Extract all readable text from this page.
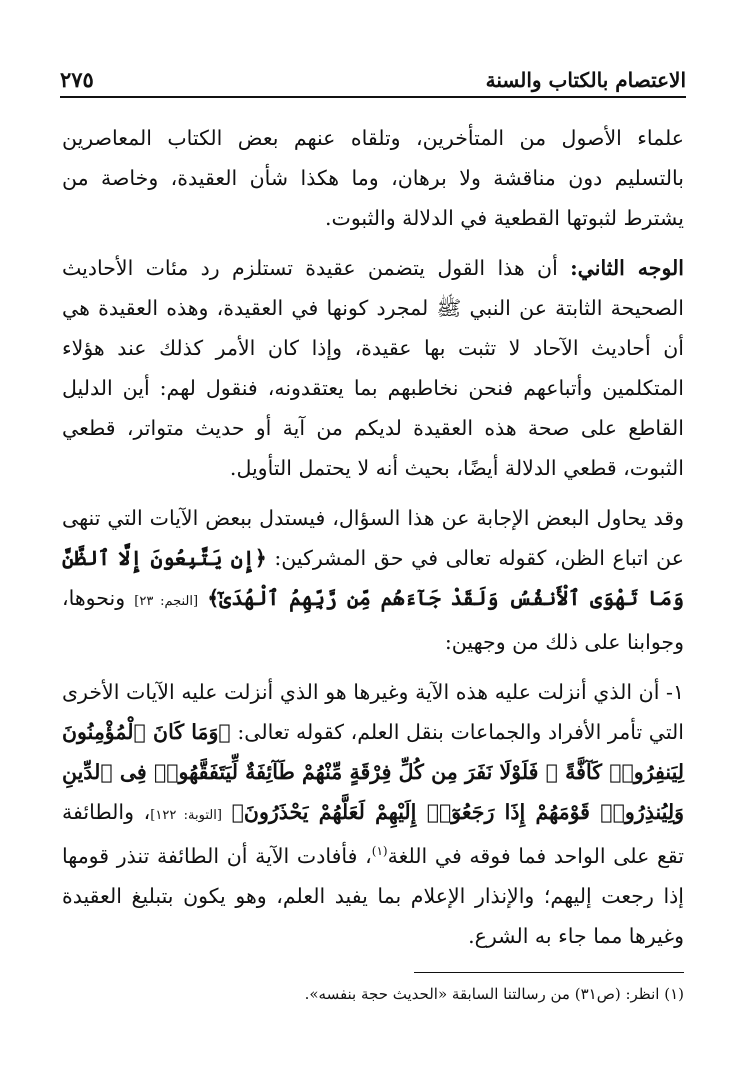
الاعتصام بالكتاب والسنة
٢٧٥

علماء الأصول من المتأخرين، وتلقاه عنهم بعض الكتاب المعاصرين بالتسليم دون مناقشة ولا برهان، وما هكذا شأن العقيدة، وخاصة من يشترط لثبوتها القطعية في الدلالة والثبوت.

الوجه الثاني: أن هذا القول يتضمن عقيدة تستلزم رد مئات الأحاديث الصحيحة الثابتة عن النبي ﷺ لمجرد كونها في العقيدة، وهذه العقيدة هي أن أحاديث الآحاد لا تثبت بها عقيدة، وإذا كان الأمر كذلك عند هؤلاء المتكلمين وأتباعهم فنحن نخاطبهم بما يعتقدونه، فنقول لهم: أين الدليل القاطع على صحة هذه العقيدة لديكم من آية أو حديث متواتر، قطعي الثبوت، قطعي الدلالة أيضًا، بحيث أنه لا يحتمل التأويل.

وقد يحاول البعض الإجابة عن هذا السؤال، فيستدل ببعض الآيات التي تنهى عن اتباع الظن، كقوله تعالى في حق المشركين: ﴿إِن يَتَّبِعُونَ إِلَّا ٱلظَّنَّ وَمَا تَهْوَى ٱلْأَنفُسُ وَلَقَدْ جَآءَهُم مِّن رَّبِّهِمُ ٱلْهُدَىٰٓ﴾ [النجم: ٢٣] ونحوها، وجوابنا على ذلك من وجهين:

١- أن الذي أنزلت عليه هذه الآية وغيرها هو الذي أنزلت عليه الآيات الأخرى التي تأمر الأفراد والجماعات بنقل العلم، كقوله تعالى: ﴿وَمَا كَانَ ٱلْمُؤْمِنُونَ لِيَنفِرُوا۟ كَآفَّةً ۚ فَلَوْلَا نَفَرَ مِن كُلِّ فِرْقَةٍ مِّنْهُمْ طَآئِفَةٌ لِّيَتَفَقَّهُوا۟ فِى ٱلدِّينِ وَلِيُنذِرُوا۟ قَوْمَهُمْ إِذَا رَجَعُوٓا۟ إِلَيْهِمْ لَعَلَّهُمْ يَحْذَرُونَ﴾ [التوبة: ١٢٢]، والطائفة تقع على الواحد فما فوقه في اللغة$^{(١)}$، فأفادت الآية أن الطائفة تنذر قومها إذا رجعت إليهم؛ والإنذار الإعلام بما يفيد العلم، وهو يكون بتبليغ العقيدة وغيرها مما جاء به الشرع.

(١) انظر: (ص٣١) من رسالتنا السابقة «الحديث حجة بنفسه».
